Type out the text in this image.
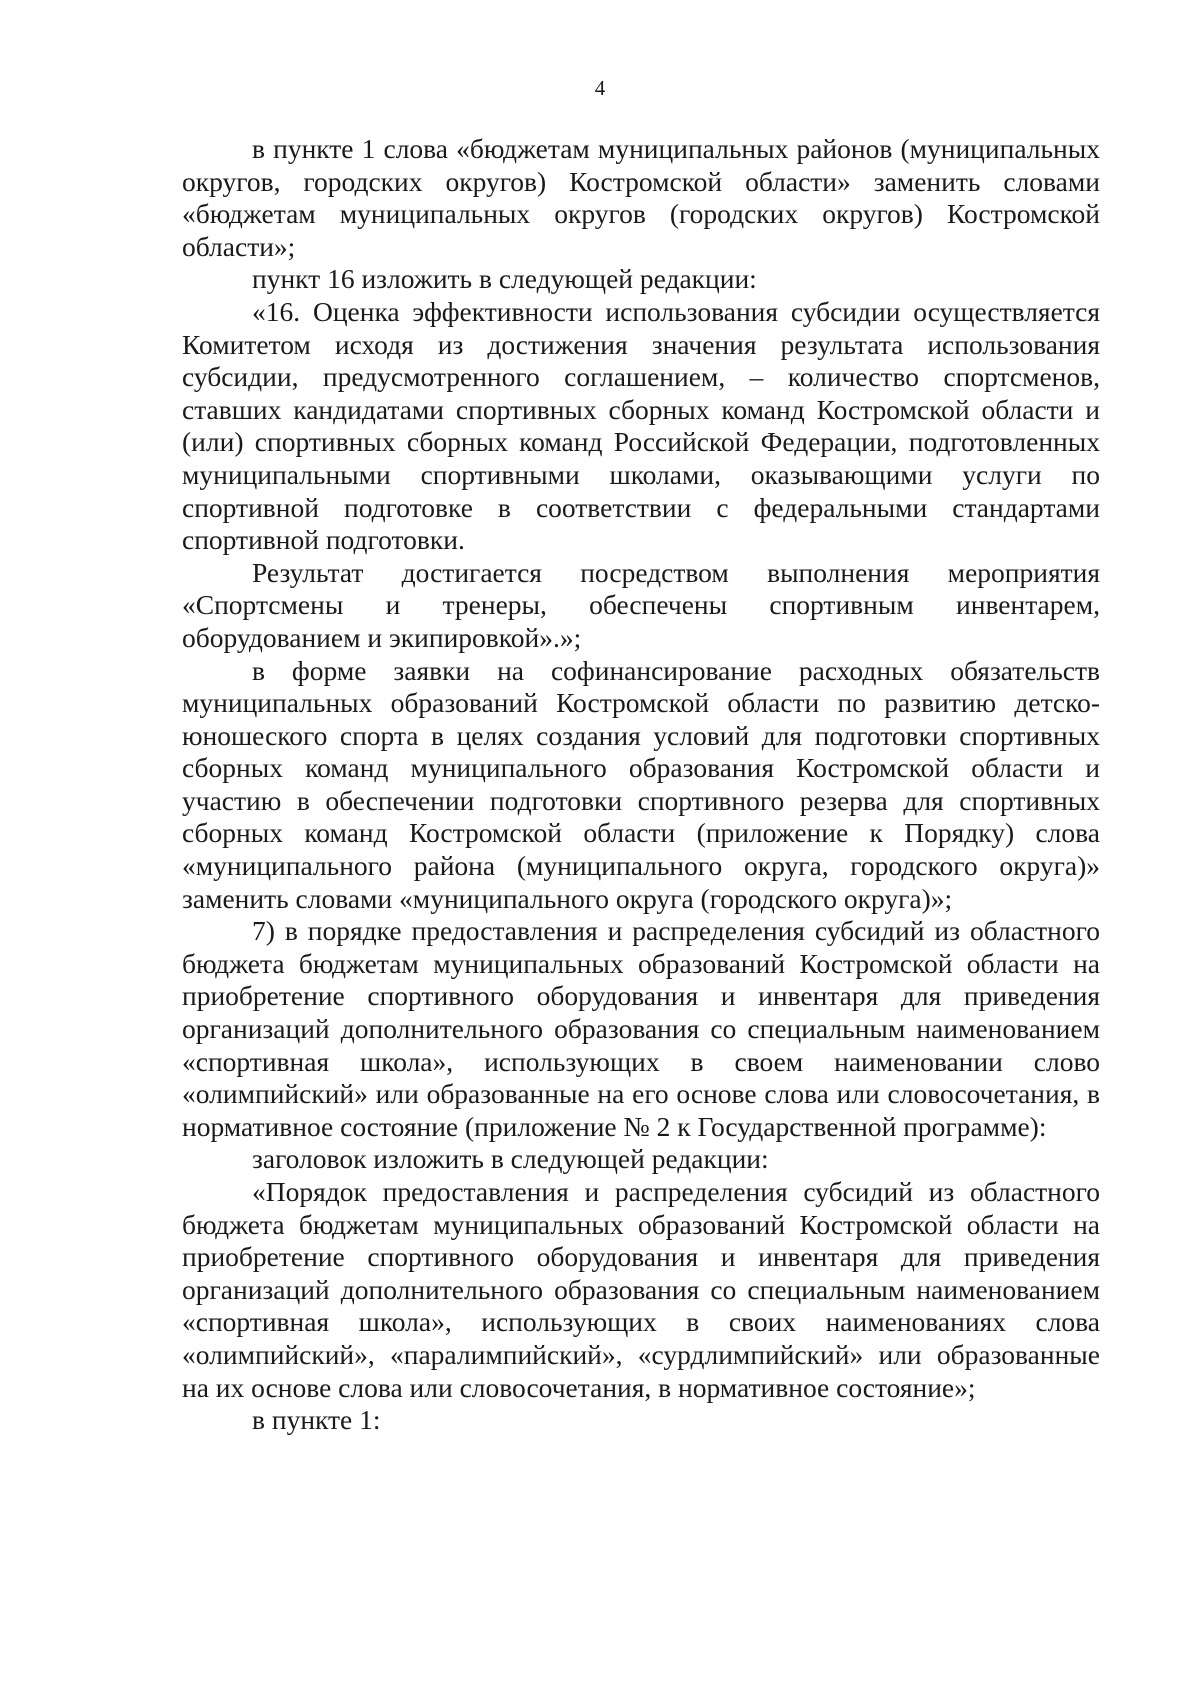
4

в пункте 1 слова «бюджетам муниципальных районов (муниципальных округов, городских округов) Костромской области» заменить словами «бюджетам муниципальных округов (городских округов) Костромской области»;

пункт 16 изложить в следующей редакции:

«16. Оценка эффективности использования субсидии осуществляется Комитетом исходя из достижения значения результата использования субсидии, предусмотренного соглашением, – количество спортсменов, ставших кандидатами спортивных сборных команд Костромской области и (или) спортивных сборных команд Российской Федерации, подготовленных муниципальными спортивными школами, оказывающими услуги по спортивной подготовке в соответствии с федеральными стандартами спортивной подготовки.

Результат достигается посредством выполнения мероприятия «Спортсмены и тренеры, обеспечены спортивным инвентарем, оборудованием и экипировкой».»;

в форме заявки на софинансирование расходных обязательств муниципальных образований Костромской области по развитию детско-юношеского спорта в целях создания условий для подготовки спортивных сборных команд муниципального образования Костромской области и участию в обеспечении подготовки спортивного резерва для спортивных сборных команд Костромской области (приложение к Порядку) слова «муниципального района (муниципального округа, городского округа)» заменить словами «муниципального округа (городского округа)»;

7) в порядке предоставления и распределения субсидий из областного бюджета бюджетам муниципальных образований Костромской области на приобретение спортивного оборудования и инвентаря для приведения организаций дополнительного образования со специальным наименованием «спортивная школа», использующих в своем наименовании слово «олимпийский» или образованные на его основе слова или словосочетания, в нормативное состояние (приложение № 2 к Государственной программе):

заголовок изложить в следующей редакции:

«Порядок предоставления и распределения субсидий из областного бюджета бюджетам муниципальных образований Костромской области на приобретение спортивного оборудования и инвентаря для приведения организаций дополнительного образования со специальным наименованием «спортивная школа», использующих в своих наименованиях слова «олимпийский», «паралимпийский», «сурдлимпийский» или образованные на их основе слова или словосочетания, в нормативное состояние»;

в пункте 1:
